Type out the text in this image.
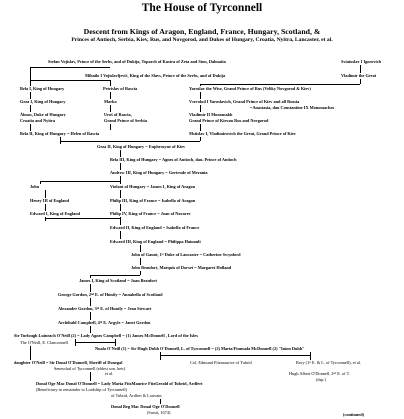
The House of Tyrconnell
Descent from Kings of Aragon, England, France, Hungary, Scotland, &
Princes of Antioch, Serbia, Kiev, Rus, and Novgorod, and Dukes of Hungary, Croatia, Nyitra, Lancaster, et al.
Stefan Vojislav, Prince of the Serbs, and of Dukija, Toparch of Kastra of Zeta and Ston, Dalmatia	Sviatoslav I Igorovich
Mihailo I Vojislavljević, King of the Slavs, Prince of the Serbs, and of Dukija	Vladimir the Great
Bela I, King of Hungary	Petrislav of Rascia	Yaroslav the Wise, Grand Prince of Rus (Veliky Novgorod & Kiev)
Geza I, King of Hungary	Marko	Vsevolod I Yaroslavich, Grand Prince of Kiev and all Russia
=Anastasia, dau Constantine IX Monomachos
Álmos, Duke of Hungary
Croatia and Nyitra
Uroš of Rascia,
Grand Prince of Serbia
Vladimir II Monomakh
Grand Prince of Kievan Rus and Novgorod
Bela II, King of Hungary = Helen of Rascia	Mstislav I, Vladimirovich the Great, Grand Prince of Kiev
Geza II, King of Hungary = Euphrosyne of Kiev
Bela III, King of Hungary = Agnes of Antioch, dau. Prince of Antioch
Andrew III, King of Hungary = Gertrude of Merania
John	Violant of Hungary = James I, King of Aragon
Henry III of England	Philip III, King of France = Isabella of Aragon
Edward I, King of England	Philip IV, King of France = Joan of Navarre
Edward II, King of England = Isabella of France
Edward III, King of England = Philippa Hainault
John of Gaunt, 1ˢᵗ Duke of Lancaster = Catherine Swynford
John Beaufort, Marquis of Dorset = Margaret Holland
James I, King of Scotland = Joan Beaufort
George Gordon, 2ⁿᵈ E. of Huntly = Annabella of Scotland
Alexander Gordon, 3ʳᵈ E. of Huntly = Jean Stewart
Archibald Campbell, 4ᵗʰ E. Argyle = Janet Gordon
Sir Turlough Luineach O'Neill (2) = Lady Agnes Campbell = (1) James McDonnell , Lord of the Isles
The O'Neill, E. Clanconnell
Nuala O'Neill (1) = Sir Hugh Dubh O'Donnell, L. of Tyrconnell = (2) Maria/Finnuala McDonnell (2) "Inion Dubh"
daughter O'Neill = Sir Donal O'Donnell, Sheriff of Donegal
Seneschal of Tyrconnell (eldest son, heir)
Col. Edmund Fitzmaurice of Tubrid	Rory (1ˢᵗ E. & L. of Tyrconnell), et al.
Hugh Albert O'Donnell, 2ⁿᵈ E. of T.
(dsp.)
et al.
Donal Oge Mac Donal O'Donnell = Lady Maria FitzMaurice FitzGerald of Tubrid, Ardfert
(Beneficiary in remainder to Lordship of Tyrconnell)
of Tubrid, Ardfert & Louvain
Donal Beg Mac Donal Oge O'Donnell
(Sarsit, 1674)	(continued)
